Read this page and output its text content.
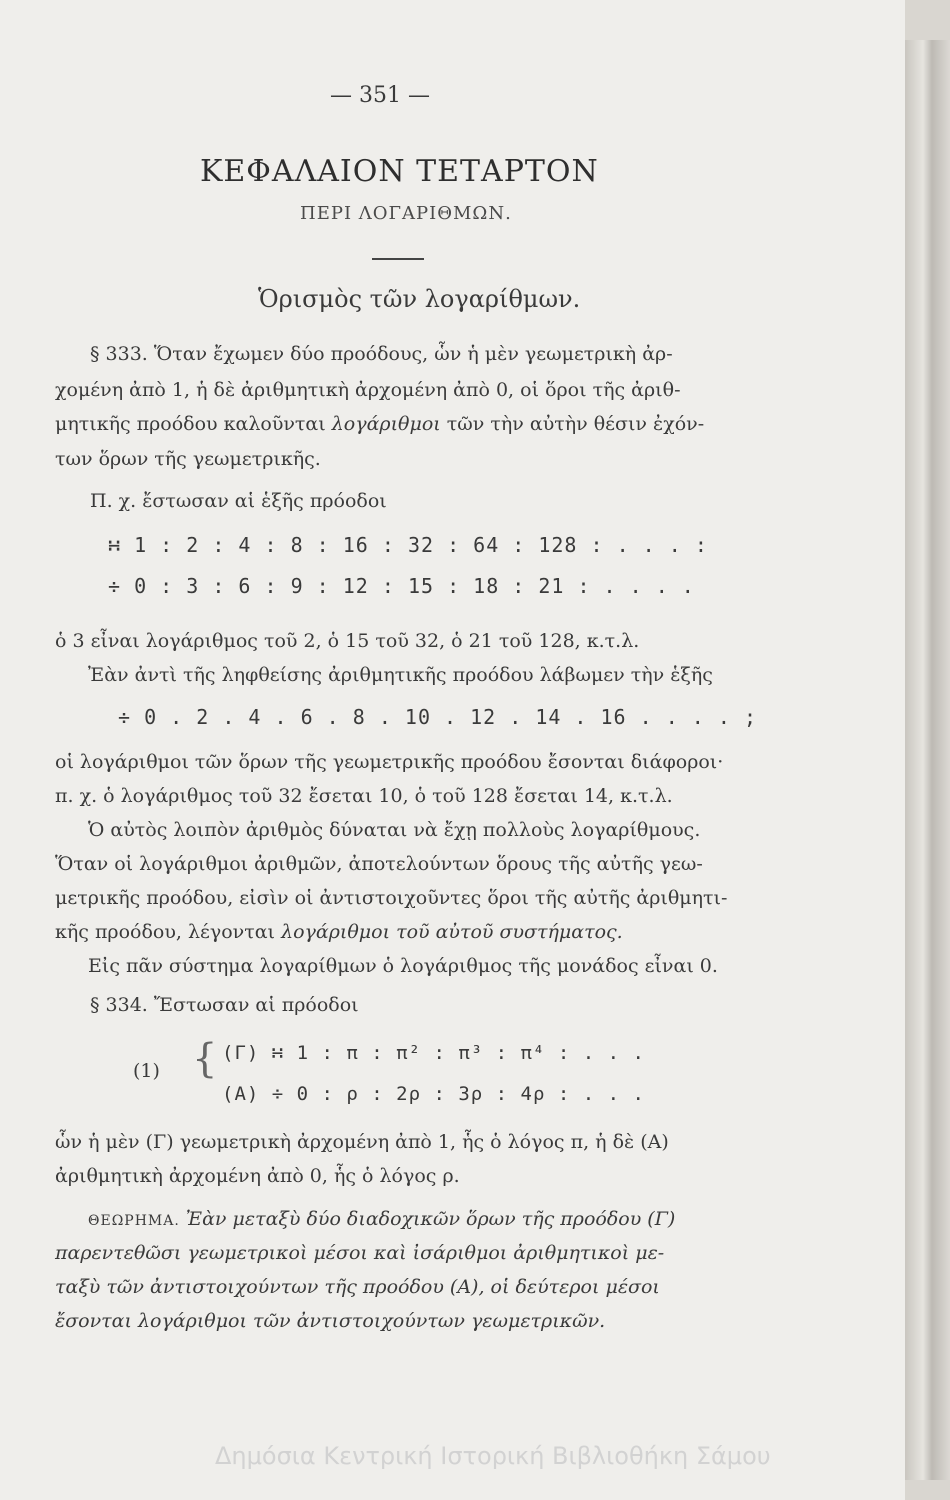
— 351 —
ΚΕΦΑΛΑΙΟΝ ΤΕΤΑΡΤΟΝ
ΠΕΡΙ ΛΟΓΑΡΙΘΜΩΝ.
Ὁρισμὸς τῶν λογαρίθμων.
§ 333. Ὅταν ἔχωμεν δύο προόδους, ὧν ἡ μὲν γεωμετρικὴ ἀρ-
χομένη ἀπὸ 1, ἡ δὲ ἀριθμητικὴ ἀρχομένη ἀπὸ 0, οἱ ὅροι τῆς ἀριθ-
μητικῆς προόδου καλοῦνται λογάριθμοι τῶν τὴν αὐτὴν θέσιν ἐχόν-
των ὅρων τῆς γεωμετρικῆς.
Π. χ. ἔστωσαν αἱ ἑξῆς πρόοδοι
∺ 1 : 2 : 4 : 8 : 16 : 32 : 64 : 128 : . . . :
÷ 0 : 3 : 6 : 9 : 12 : 15 : 18 : 21 : . . . .
ὁ 3 εἶναι λογάριθμος τοῦ 2, ὁ 15 τοῦ 32, ὁ 21 τοῦ 128, κ.τ.λ.
Ἐὰν ἀντὶ τῆς ληφθείσης ἀριθμητικῆς προόδου λάβωμεν τὴν ἑξῆς
÷ 0 . 2 . 4 . 6 . 8 . 10 . 12 . 14 . 16 . . . . ;
οἱ λογάριθμοι τῶν ὅρων τῆς γεωμετρικῆς προόδου ἔσονται διάφοροι·
π. χ. ὁ λογάριθμος τοῦ 32 ἔσεται 10, ὁ τοῦ 128 ἔσεται 14, κ.τ.λ.
Ὁ αὐτὸς λοιπὸν ἀριθμὸς δύναται νὰ ἔχῃ πολλοὺς λογαρίθμους.
Ὅταν οἱ λογάριθμοι ἀριθμῶν, ἀποτελούντων ὅρους τῆς αὐτῆς γεω-
μετρικῆς προόδου, εἰσὶν οἱ ἀντιστοιχοῦντες ὅροι τῆς αὐτῆς ἀριθμητι-
κῆς προόδου, λέγονται λογάριθμοι τοῦ αὐτοῦ συστήματος.
Εἰς πᾶν σύστημα λογαρίθμων ὁ λογάριθμος τῆς μονάδος εἶναι 0.
§ 334. Ἔστωσαν αἱ πρόοδοι
(1) { (Γ) ∺ 1 : π : π² : π³ : π⁴ : . . .
(Α) ÷ 0 : ρ : 2ρ : 3ρ : 4ρ : . . .
ὧν ἡ μὲν (Γ) γεωμετρικὴ ἀρχομένη ἀπὸ 1, ἧς ὁ λόγος π, ἡ δὲ (Α)
ἀριθμητικὴ ἀρχομένη ἀπὸ 0, ἧς ὁ λόγος ρ.
ΘΕΩΡΗΜΑ. Ἐὰν μεταξὺ δύο διαδοχικῶν ὅρων τῆς προόδου (Γ)
παρεντεθῶσι γεωμετρικοὶ μέσοι καὶ ἰσάριθμοι ἀριθμητικοὶ με-
ταξὺ τῶν ἀντιστοιχούντων τῆς προόδου (Α), οἱ δεύτεροι μέσοι
ἔσονται λογάριθμοι τῶν ἀντιστοιχούντων γεωμετρικῶν.
Δημόσια Κεντρική Ιστορική Βιβλιοθήκη Σάμου
